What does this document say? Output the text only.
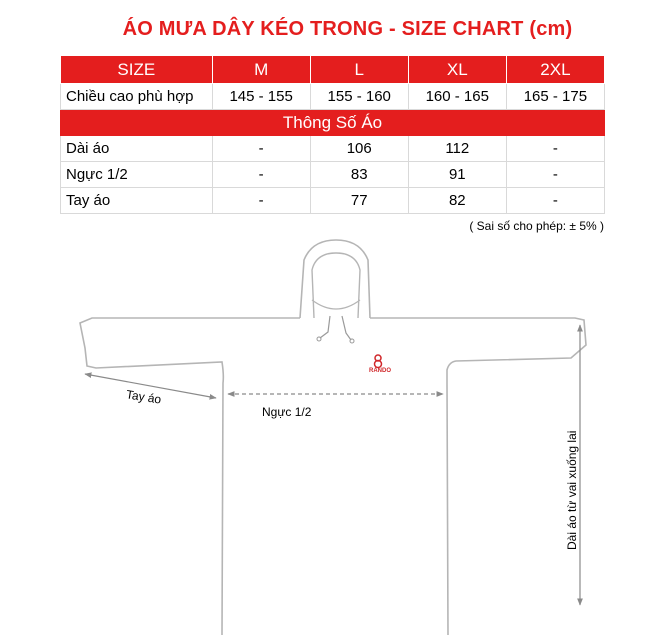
ÁO MƯA DÂY KÉO TRONG - SIZE CHART (cm)
SIZE	M	L	XL	2XL
Chiều cao phù hợp	145 - 155	155 - 160	160 - 165	165 - 175
Thông Số Áo				
Dài áo	-	106	112	-
Ngực 1/2	-	83	91	-
Tay áo	-	77	82	-
( Sai số cho phép: ± 5% )
RANDO
Tay áo
Ngực 1/2
Dài áo từ vai xuống lai
